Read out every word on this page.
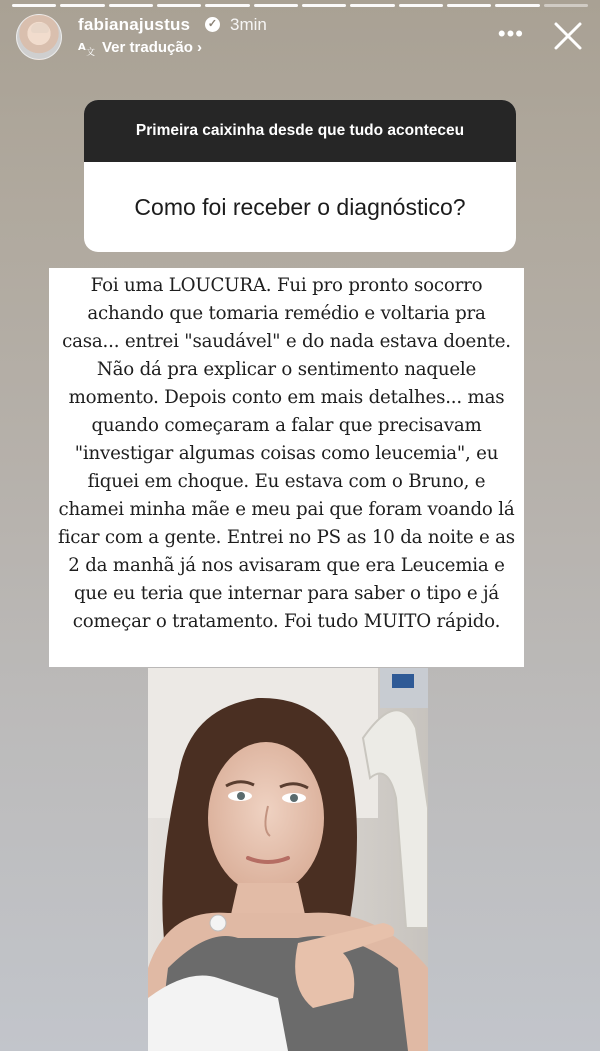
fabianajustus ✓ 3min
A 文 Ver tradução ›
•••
Primeira caixinha desde que tudo aconteceu
Como foi receber o diagnóstico?
Foi uma LOUCURA. Fui pro pronto socorro achando que tomaria remédio e voltaria pra casa... entrei "saudável" e do nada estava doente. Não dá pra explicar o sentimento naquele momento. Depois conto em mais detalhes... mas quando começaram a falar que precisavam "investigar algumas coisas como leucemia", eu fiquei em choque. Eu estava com o Bruno, e chamei minha mãe e meu pai que foram voando lá ficar com a gente. Entrei no PS as 10 da noite e as 2 da manhã já nos avisaram que era Leucemia e que eu teria que internar para saber o tipo e já começar o tratamento. Foi tudo MUITO rápido.
